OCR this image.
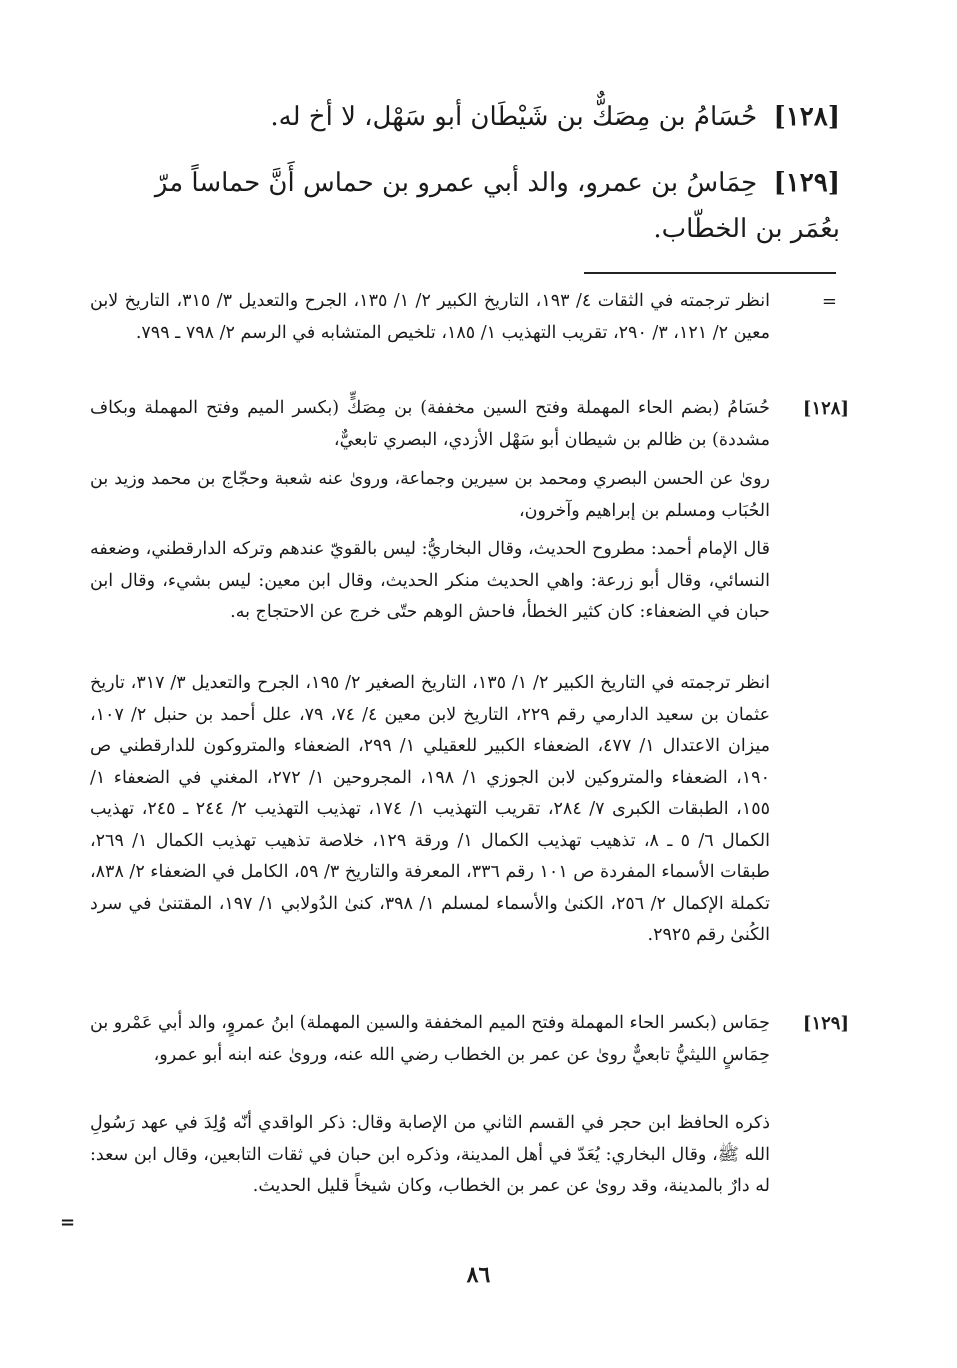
[١٢٨] حُسَامُ بن مِصَكٌّ بن شَيْطَان أبو سَهْل، لا أخ له.
[١٢٩] حِمَاسُ بن عمرو، والد أبي عمرو بن حماس أَنَّ حماساً مرّ بعُمَر بن الخطّاب.
=
انظر ترجمته في الثقات ٤/ ١٩٣، التاريخ الكبير ٢/ ١/ ١٣٥، الجرح والتعديل ٣/ ٣١٥، التاريخ لابن معين ٢/ ١٢١، ٣/ ٢٩٠، تقريب التهذيب ١/ ١٨٥، تلخيص المتشابه في الرسم ٢/ ٧٩٨ ـ ٧٩٩.
[١٢٨]
حُسَامُ (بضم الحاء المهملة وفتح السين مخففة) بن مِصَكٍّ (بكسر الميم وفتح المهملة وبكاف مشددة) بن ظالم بن شيطان أبو سَهْل الأزدي، البصري تابعيٌّ،
روىٰ عن الحسن البصري ومحمد بن سيرين وجماعة، وروىٰ عنه شعبة وحجّاج بن محمد وزيد بن الحُبَاب ومسلم بن إبراهيم وآخرون،
قال الإمام أحمد: مطروح الحديث، وقال البخاريُّ: ليس بالقويّ عندهم وتركه الدارقطني، وضعفه النسائي، وقال أبو زرعة: واهي الحديث منكر الحديث، وقال ابن معين: ليس بشيء، وقال ابن حبان في الضعفاء: كان كثير الخطأ، فاحش الوهم حتّى خرج عن الاحتجاج به.
انظر ترجمته في التاريخ الكبير ٢/ ١/ ١٣٥، التاريخ الصغير ٢/ ١٩٥، الجرح والتعديل ٣/ ٣١٧، تاريخ عثمان بن سعيد الدارمي رقم ٢٢٩، التاريخ لابن معين ٤/ ٧٤، ٧٩، علل أحمد بن حنبل ٢/ ١٠٧، ميزان الاعتدال ١/ ٤٧٧، الضعفاء الكبير للعقيلي ١/ ٢٩٩، الضعفاء والمتروكون للدارقطني ص ١٩٠، الضعفاء والمتروكين لابن الجوزي ١/ ١٩٨، المجروحين ١/ ٢٧٢، المغني في الضعفاء ١/ ١٥٥، الطبقات الكبرى ٧/ ٢٨٤، تقريب التهذيب ١/ ١٧٤، تهذيب التهذيب ٢/ ٢٤٤ ـ ٢٤٥، تهذيب الكمال ٦/ ٥ ـ ٨، تذهيب تهذيب الكمال ١/ ورقة ١٢٩، خلاصة تذهيب تهذيب الكمال ١/ ٢٦٩، طبقات الأسماء المفردة ص ١٠١ رقم ٣٣٦، المعرفة والتاريخ ٣/ ٥٩، الكامل في الضعفاء ٢/ ٨٣٨، تكملة الإكمال ٢/ ٢٥٦، الكنىٰ والأسماء لمسلم ١/ ٣٩٨، كنىٰ الدُولابي ١/ ١٩٧، المقتنىٰ في سرد الكُنىٰ رقم ٢٩٢٥.
[١٢٩]
حِمَاس (بكسر الحاء المهملة وفتح الميم المخففة والسين المهملة) ابنُ عمروٍ، والد أبي عَمْرو بن حِمَاسٍ الليثيُّ تابعيٌّ روىٰ عن عمر بن الخطاب رضي الله عنه، وروىٰ عنه ابنه أبو عمرو،
ذكره الحافظ ابن حجر في القسم الثاني من الإصابة وقال: ذكر الواقدي أنّه وُلِدَ في عهد رَسُولِ الله ﷺ، وقال البخاري: يُعَدّ في أهل المدينة، وذكره ابن حبان في ثقات التابعين، وقال ابن سعد: له دارٌ بالمدينة، وقد روىٰ عن عمر بن الخطاب، وكان شيخاً قليل الحديث.
=
٨٦
